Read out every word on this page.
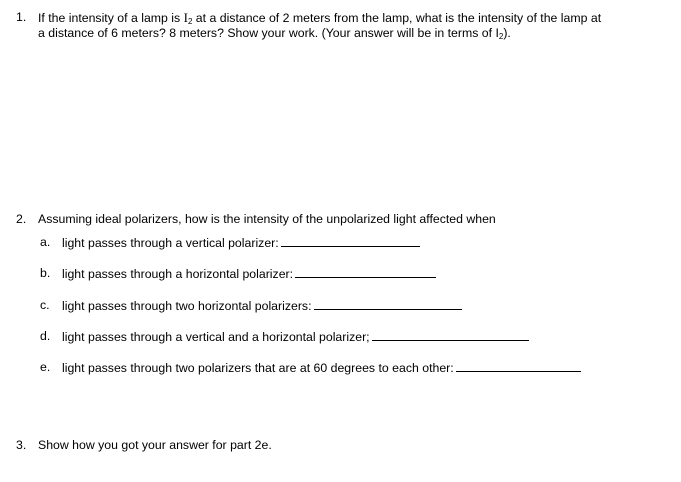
1. If the intensity of a lamp is $I_2$ at a distance of 2 meters from the lamp, what is the intensity of the lamp at
a distance of 6 meters? 8 meters? Show your work. (Your answer will be in terms of $I_2$).
2. Assuming ideal polarizers, how is the intensity of the unpolarized light affected when
a. light passes through a vertical polarizer:
b. light passes through a horizontal polarizer:
c. light passes through two horizontal polarizers:
d. light passes through a vertical and a horizontal polarizer;
e. light passes through two polarizers that are at 60 degrees to each other:
3. Show how you got your answer for part 2e.
